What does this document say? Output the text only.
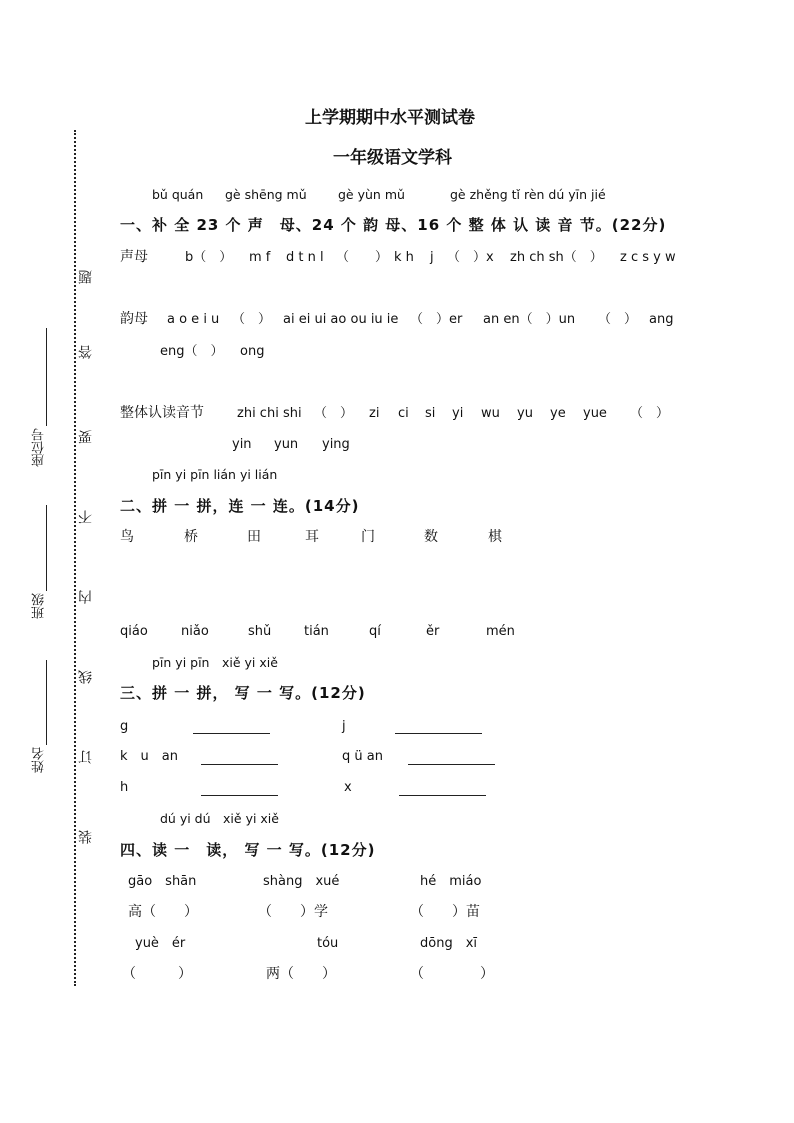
题
答
要
不
内
线
订
装
座位号
班级
姓名
上学期期中水平测试卷
一年级语文学科
bǔ quán gè shēng mǔ	gè yùn mǔ	gè zhěng tǐ rèn dú yīn jié
一、补 全 23 个 声　母、24 个 韵 母、16 个 整 体 认 读 音 节。(22分)
声母	b（　） m f d t n l （　　） k h j （　）x zh ch sh（　） z c s y w
韵母 a o e i u （　） ai ei ui ao ou iu ie （　）er an en（　）un （　） ang
eng（　） ong
整体认读音节	zhi chi shi （　） zi ci si yi wu yu ye yue （　）
yin yun ying
pīn yi pīn lián yi lián
二、拼 一 拼，连 一 连。(14分)
鸟	桥	田	耳	门	数	棋
qiáo	niǎo	shǔ	tián	qí	ěr	mén
pīn yi pīn　xiě yi xiě
三、拼 一 拼， 写 一 写。(12分)
g	j
k　u　an	q ü an
h	x
dú yi dú　xiě yi xiě
四、读 一　读， 写 一 写。(12分)
gāo　shān	shàng　xué	hé　miáo
高（　　）	（　　）学	（　　）苗
yuè　ér	tóu	dōng　xī
（　　　）	两（　　）	（　　　　）
